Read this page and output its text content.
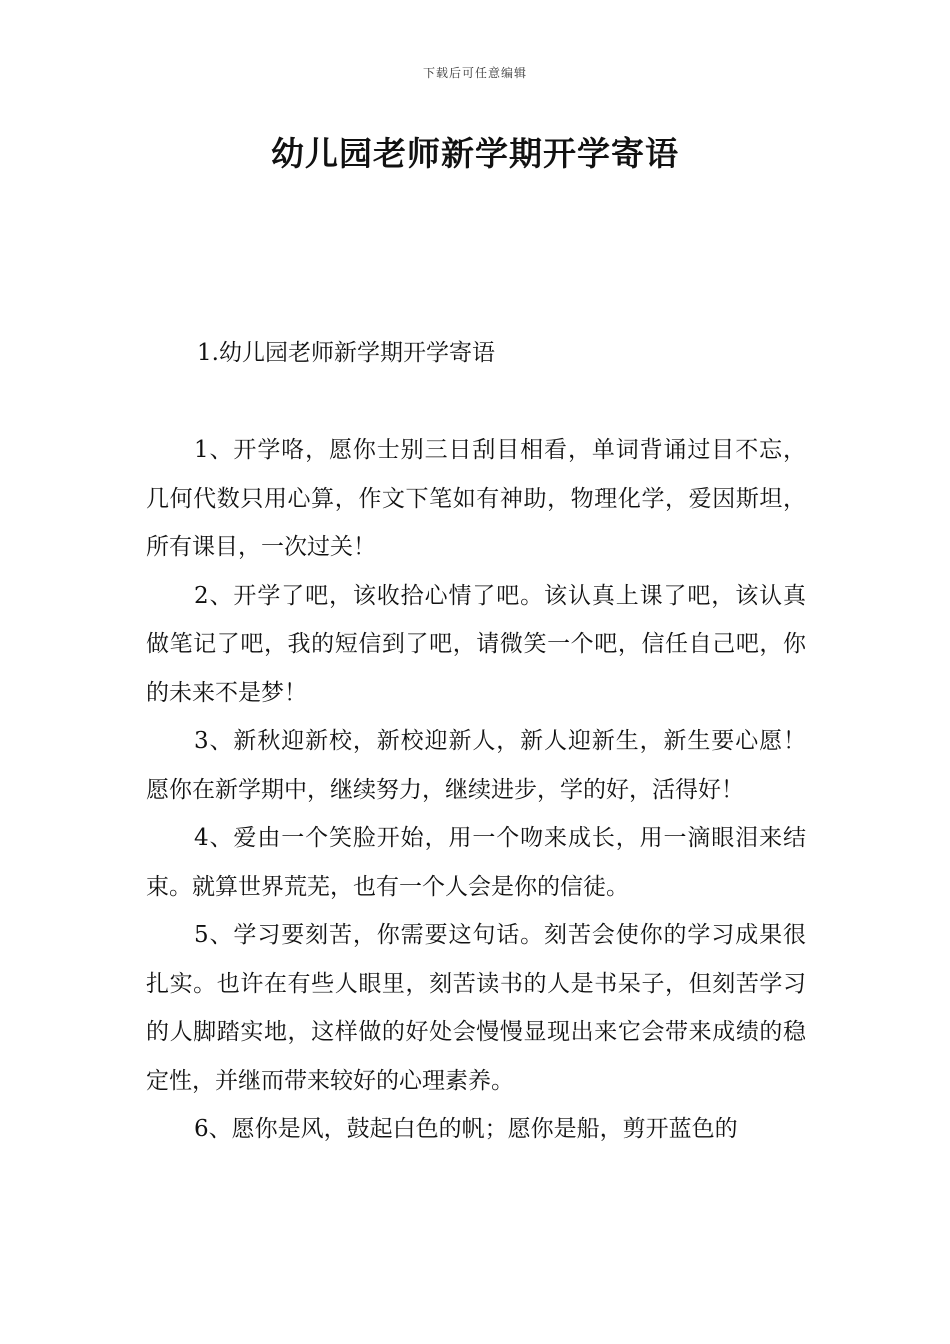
下载后可任意编辑
幼儿园老师新学期开学寄语
1.幼儿园老师新学期开学寄语

1、开学咯，愿你士别三日刮目相看，单词背诵过目不忘，几何代数只用心算，作文下笔如有神助，物理化学，爱因斯坦，所有课目，一次过关！

2、开学了吧，该收拾心情了吧。该认真上课了吧，该认真做笔记了吧，我的短信到了吧，请微笑一个吧，信任自己吧，你的未来不是梦！

3、新秋迎新校，新校迎新人，新人迎新生，新生要心愿！愿你在新学期中，继续努力，继续进步，学的好，活得好！

4、爱由一个笑脸开始，用一个吻来成长，用一滴眼泪来结束。就算世界荒芜，也有一个人会是你的信徒。

5、学习要刻苦，你需要这句话。刻苦会使你的学习成果很扎实。也许在有些人眼里，刻苦读书的人是书呆子，但刻苦学习的人脚踏实地，这样做的好处会慢慢显现出来它会带来成绩的稳定性，并继而带来较好的心理素养。

6、愿你是风，鼓起白色的帆；愿你是船，剪开蓝色的
